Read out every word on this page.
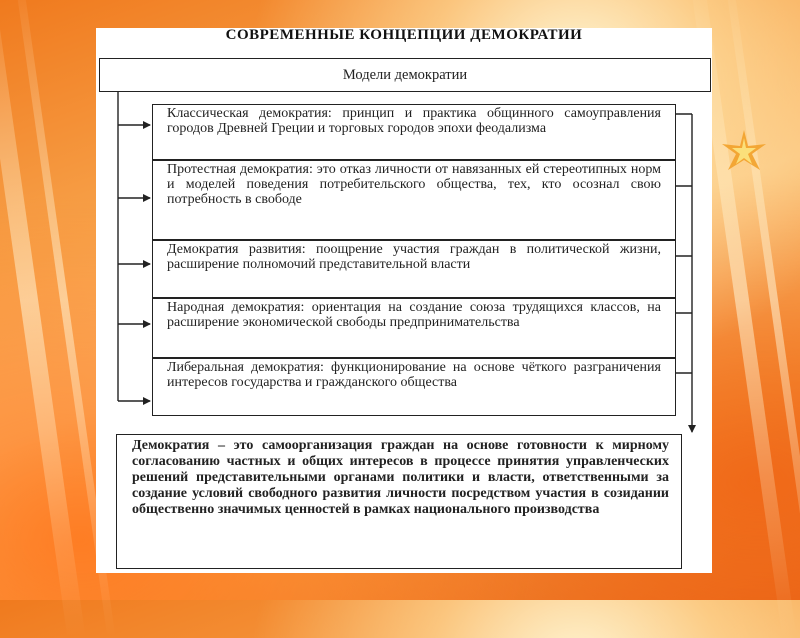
СОВРЕМЕННЫЕ КОНЦЕПЦИИ ДЕМОКРАТИИ
Модели демократии
Классическая демократия: принцип и практика общинного самоуправления городов Древней Греции и торговых городов эпохи феодализма
Протестная демократия: это отказ личности от навязанных ей стереотипных норм и моделей поведения потребительского общества, тех, кто осознал свою потребность в свободе
Демократия развития: поощрение участия граждан в политической жизни, расширение полномочий представительной власти
Народная демократия: ориентация на создание союза трудящихся классов, на расширение экономической свободы предпринимательства
Либеральная демократия: функционирование на основе чёткого разграничения интересов государства и гражданского общества
Демократия – это самоорганизация граждан на основе готовности к мирному согласованию частных и общих интересов в процессе принятия управленческих решений представительными органами политики и власти, ответственными за создание условий свободного развития личности посредством участия в созидании общественно значимых ценностей в рамках национального производства
